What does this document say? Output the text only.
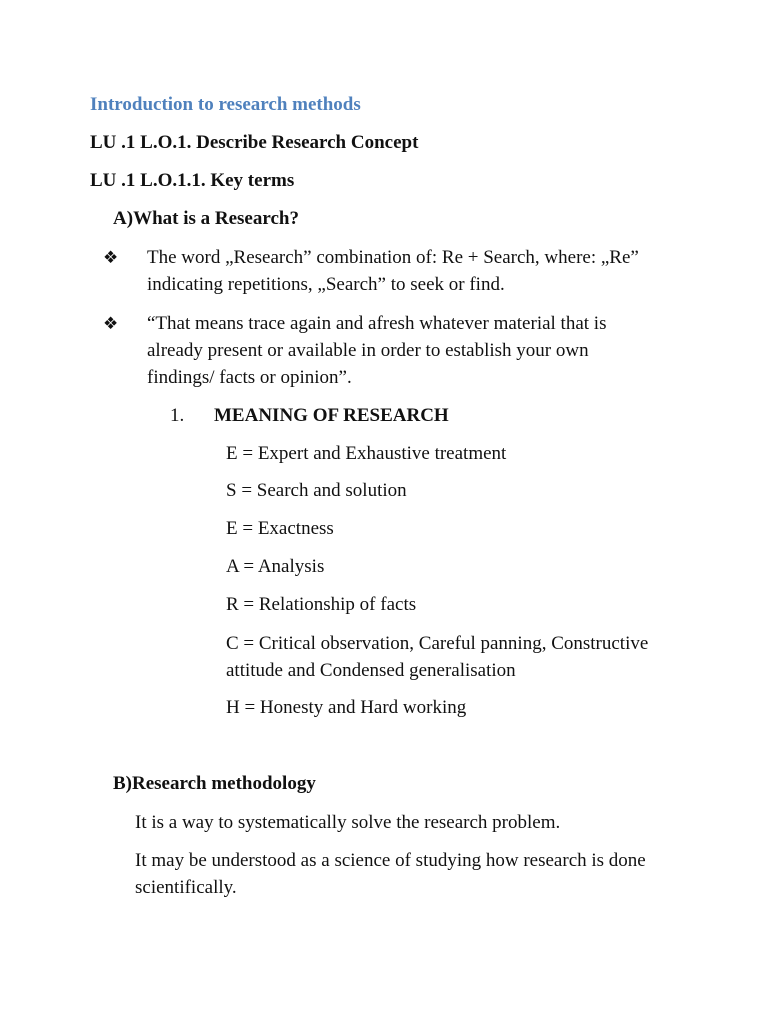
Introduction to research methods
LU .1 L.O.1. Describe Research Concept
LU .1 L.O.1.1. Key terms
A)What is a Research?
❖ The word „Research” combination of: Re + Search, where: „Re” indicating repetitions, „Search” to seek or find.
❖ “That means trace again and afresh whatever material that is already present or available in order to establish your own findings/ facts or opinion”.
1. MEANING OF RESEARCH
E = Expert and Exhaustive treatment
S = Search and solution
E = Exactness
A = Analysis
R = Relationship of facts
C = Critical observation, Careful panning, Constructive attitude and Condensed generalisation
H = Honesty and Hard working
B)Research methodology
It is a way to systematically solve the research problem.
It may be understood as a science of studying how research is done scientifically.
